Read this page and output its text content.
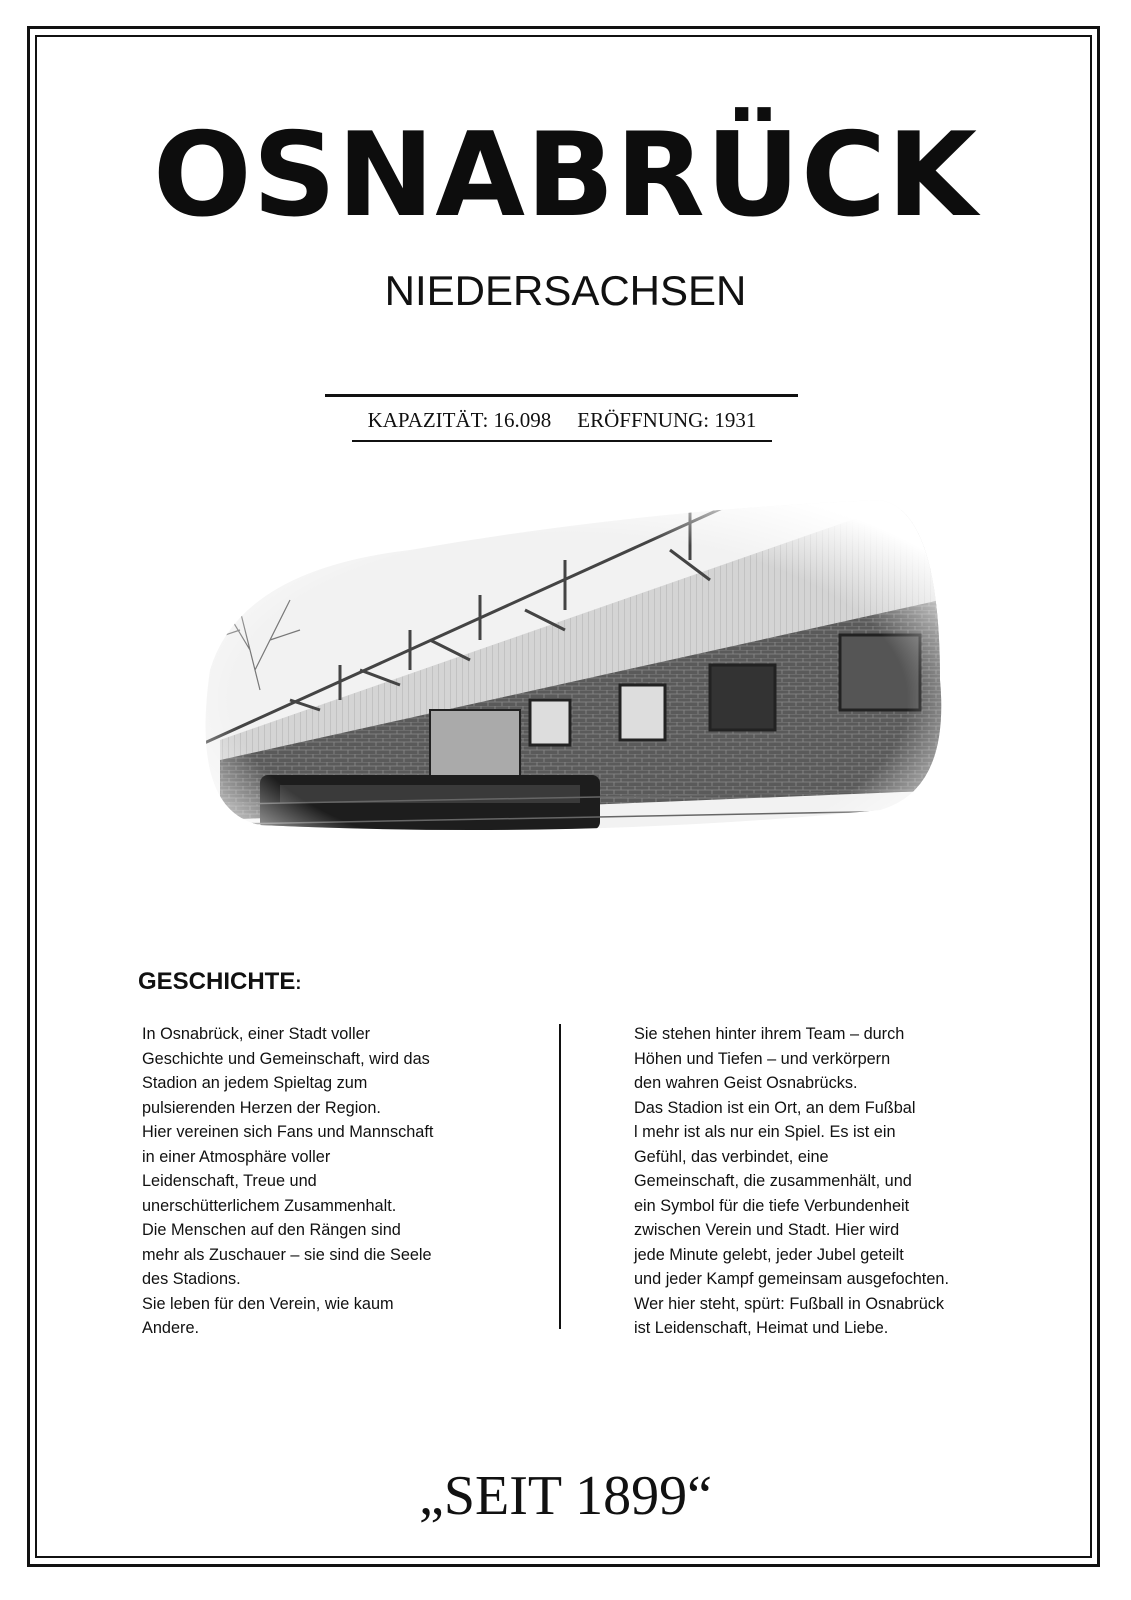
OSNABRÜCK
NIEDERSACHSEN
KAPAZITÄT: 16.098 ERÖFFNUNG: 1931
GESCHICHTE:
In Osnabrück, einer Stadt voller
Geschichte und Gemeinschaft, wird das
Stadion an jedem Spieltag zum
pulsierenden Herzen der Region.
Hier vereinen sich Fans und Mannschaft
in einer Atmosphäre voller
Leidenschaft, Treue und
unerschütterlichem Zusammenhalt.
Die Menschen auf den Rängen sind
mehr als Zuschauer – sie sind die Seele
des Stadions.
Sie leben für den Verein, wie kaum
Andere.
Sie stehen hinter ihrem Team – durch
Höhen und Tiefen – und verkörpern
den wahren Geist Osnabrücks.
Das Stadion ist ein Ort, an dem Fußbal
l mehr ist als nur ein Spiel. Es ist ein
Gefühl, das verbindet, eine
Gemeinschaft, die zusammenhält, und
ein Symbol für die tiefe Verbundenheit
zwischen Verein und Stadt. Hier wird
jede Minute gelebt, jeder Jubel geteilt
und jeder Kampf gemeinsam ausgefochten.
Wer hier steht, spürt: Fußball in Osnabrück
ist Leidenschaft, Heimat und Liebe.
„SEIT 1899“
